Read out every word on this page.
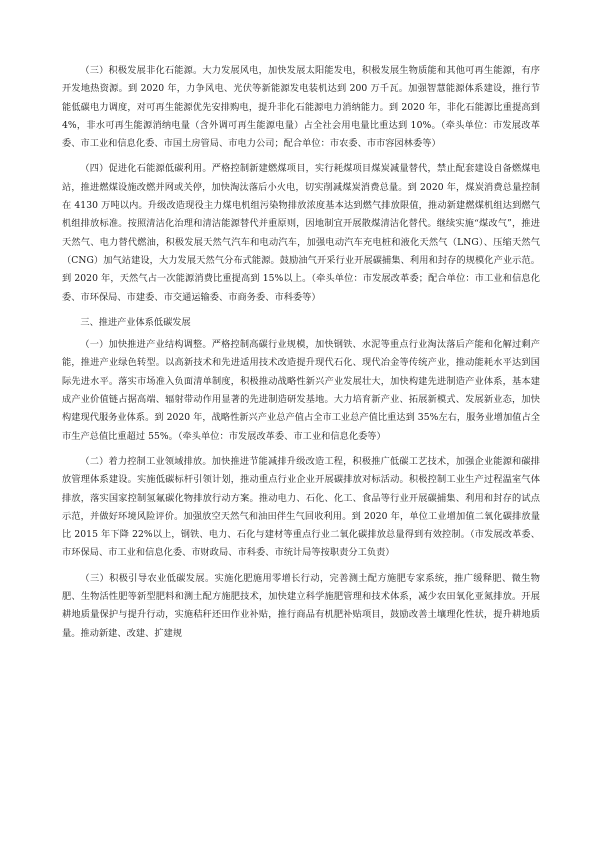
（三）积极发展非化石能源。大力发展风电，加快发展太阳能发电，积极发展生物质能和其他可再生能源，有序开发地热资源。到 2020 年，力争风电、光伏等新能源发电装机达到 200 万千瓦。加强智慧能源体系建设，推行节能低碳电力调度，对可再生能源优先安排购电，提升非化石能源电力消纳能力。到 2020 年，非化石能源比重提高到 4%，非水可再生能源消纳电量（含外调可再生能源电量）占全社会用电量比重达到 10%。（牵头单位：市发展改革委、市工业和信息化委、市国土房管局、市电力公司；配合单位：市农委、市市容园林委等）

（四）促进化石能源低碳利用。严格控制新建燃煤项目，实行耗煤项目煤炭减量替代，禁止配套建设自备燃煤电站，推进燃煤设施改燃并网或关停，加快淘汰落后小火电，切实削减煤炭消费总量。到 2020 年，煤炭消费总量控制在 4130 万吨以内。升级改造现役主力煤电机组污染物排放浓度基本达到燃气排放限值，推动新建燃煤机组达到燃气机组排放标准。按照清洁化治理和清洁能源替代并重原则，因地制宜开展散煤清洁化替代。继续实施“煤改气”，推进天然气、电力替代燃油，积极发展天然气汽车和电动汽车，加强电动汽车充电桩和液化天然气（LNG）、压缩天然气（CNG）加气站建设，大力发展天然气分布式能源。鼓励油气开采行业开展碳捕集、利用和封存的规模化产业示范。到 2020 年，天然气占一次能源消费比重提高到 15%以上。（牵头单位：市发展改革委；配合单位：市工业和信息化委、市环保局、市建委、市交通运输委、市商务委、市科委等）

三、推进产业体系低碳发展

（一）加快推进产业结构调整。严格控制高碳行业规模，加快钢铁、水泥等重点行业淘汰落后产能和化解过剩产能，推进产业绿色转型。以高新技术和先进适用技术改造提升现代石化、现代冶金等传统产业，推动能耗水平达到国际先进水平。落实市场准入负面清单制度，积极推动战略性新兴产业发展壮大，加快构建先进制造产业体系，基本建成产业价值链占据高端、辐射带动作用显著的先进制造研发基地。大力培育新产业、拓展新模式、发展新业态，加快构建现代服务业体系。到 2020 年，战略性新兴产业总产值占全市工业总产值比重达到 35%左右，服务业增加值占全市生产总值比重超过 55%。（牵头单位：市发展改革委、市工业和信息化委等）

（二）着力控制工业领域排放。加快推进节能减排升级改造工程，积极推广低碳工艺技术，加强企业能源和碳排放管理体系建设。实施低碳标杆引领计划，推动重点行业企业开展碳排放对标活动。积极控制工业生产过程温室气体排放，落实国家控制氢氟碳化物排放行动方案。推动电力、石化、化工、食品等行业开展碳捕集、利用和封存的试点示范，并做好环境风险评价。加强放空天然气和油田伴生气回收利用。到 2020 年，单位工业增加值二氧化碳排放量比 2015 年下降 22%以上，钢铁、电力、石化与建材等重点行业二氧化碳排放总量得到有效控制。（市发展改革委、市环保局、市工业和信息化委、市财政局、市科委、市统计局等按职责分工负责）

（三）积极引导农业低碳发展。实施化肥施用零增长行动，完善测土配方施肥专家系统，推广缓释肥、微生物肥、生物活性肥等新型肥料和测土配方施肥技术，加快建立科学施肥管理和技术体系，减少农田氧化亚氮排放。开展耕地质量保护与提升行动，实施秸秆还田作业补贴，推行商品有机肥补贴项目，鼓励改善土壤理化性状，提升耕地质量。推动新建、改建、扩建规
